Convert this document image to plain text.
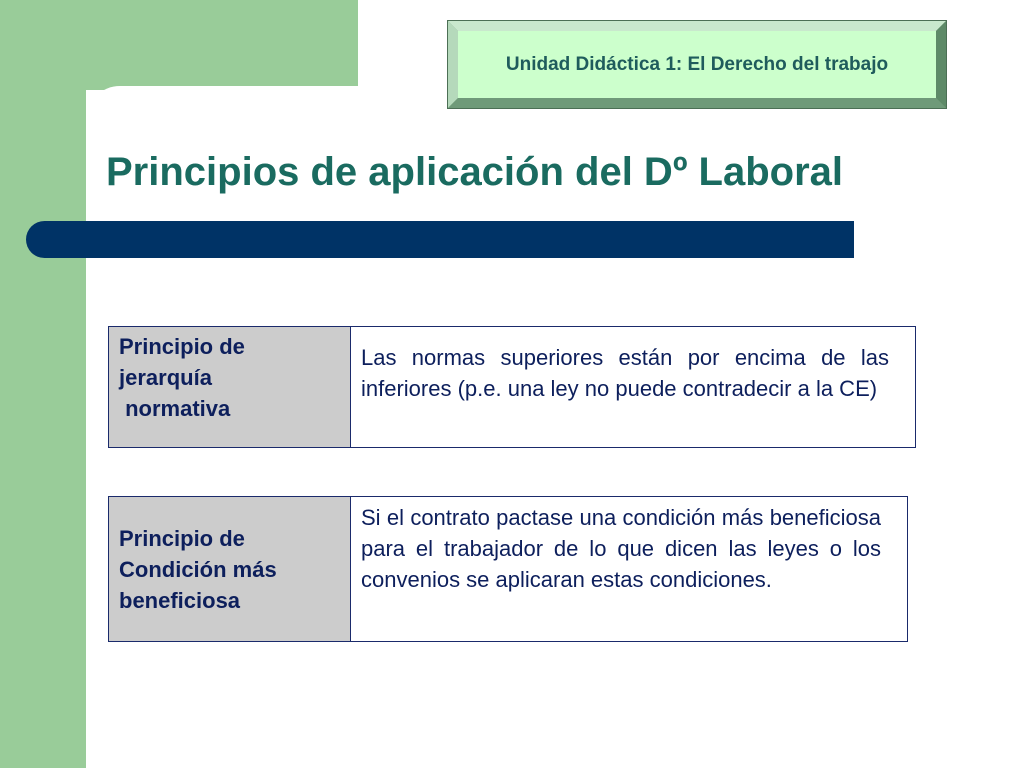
Unidad Didáctica 1: El Derecho del trabajo
Principios de aplicación del Dº Laboral
Principio de
jerarquía
normativa
Las normas superiores están por encima de las inferiores (p.e. una ley no puede contradecir a la CE)
Principio de
Condición más
beneficiosa
Si el contrato pactase una condición más beneficiosa para el trabajador de lo que dicen las leyes o los convenios se aplicaran estas condiciones.
